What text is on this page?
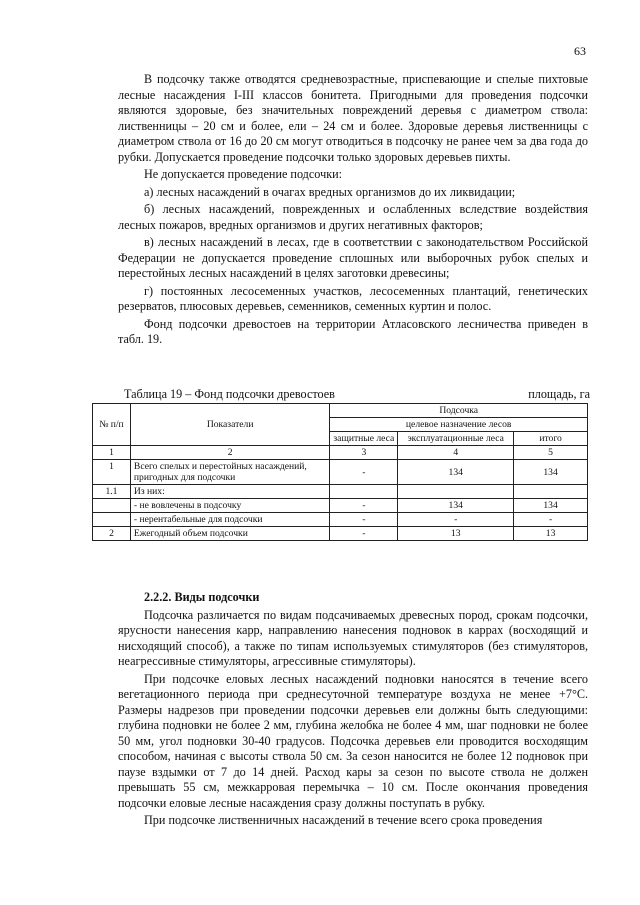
63

В подсочку также отводятся средневозрастные, приспевающие и спелые пихтовые лесные насаждения I-III классов бонитета. Пригодными для проведения подсочки являются здоровые, без значительных повреждений деревья с диаметром ствола: лиственницы – 20 см и более, ели – 24 см и более. Здоровые деревья лиственницы с диаметром ствола от 16 до 20 см могут отводиться в подсочку не ранее чем за два года до рубки. Допускается проведение подсочки только здоровых деревьев пихты.

Не допускается проведение подсочки:

а) лесных насаждений в очагах вредных организмов до их ликвидации;

б) лесных насаждений, поврежденных и ослабленных вследствие воздействия лесных пожаров, вредных организмов и других негативных факторов;

в) лесных насаждений в лесах, где в соответствии с законодательством Российской Федерации не допускается проведение сплошных или выборочных рубок спелых и перестойных лесных насаждений в целях заготовки древесины;

г) постоянных лесосеменных участков, лесосеменных плантаций, генетических резерватов, плюсовых деревьев, семенников, семенных куртин и полос.

Фонд подсочки древостоев на территории Атласовского лесничества приведен в табл. 19.

Таблица 19 – Фонд подсочки древостоев	площадь, га
№ п/п	Показатели	Подсочка		
		целевое назначение лесов		
		защитные леса	эксплуатационные леса	итого
1	2	3	4	5
1	Всего спелых и перестойных насаждений, пригодных для подсочки	-	134	134
1.1	Из них:			
	- не вовлечены в подсочку	-	134	134
	- нерентабельные для подсочки	-	-	-
2	Ежегодный объем подсочки	-	13	13

2.2.2. Виды подсочки

Подсочка различается по видам подсачиваемых древесных пород, срокам подсочки, ярусности нанесения карр, направлению нанесения подновок в каррах (восходящий и нисходящий способ), а также по типам используемых стимуляторов (без стимуляторов, неагрессивные стимуляторы, агрессивные стимуляторы).

При подсочке еловых лесных насаждений подновки наносятся в течение всего вегетационного периода при среднесуточной температуре воздуха не менее +7°С. Размеры надрезов при проведении подсочки деревьев ели должны быть следующими: глубина подновки не более 2 мм, глубина желобка не более 4 мм, шаг подновки не более 50 мм, угол подновки 30-40 градусов. Подсочка деревьев ели проводится восходящим способом, начиная с высоты ствола 50 см. За сезон наносится не более 12 подновок при паузе вздымки от 7 до 14 дней. Расход кары за сезон по высоте ствола не должен превышать 55 см, межкарровая перемычка – 10 см. После окончания проведения подсочки еловые лесные насаждения сразу должны поступать в рубку.

При подсочке лиственничных насаждений в течение всего срока проведения
